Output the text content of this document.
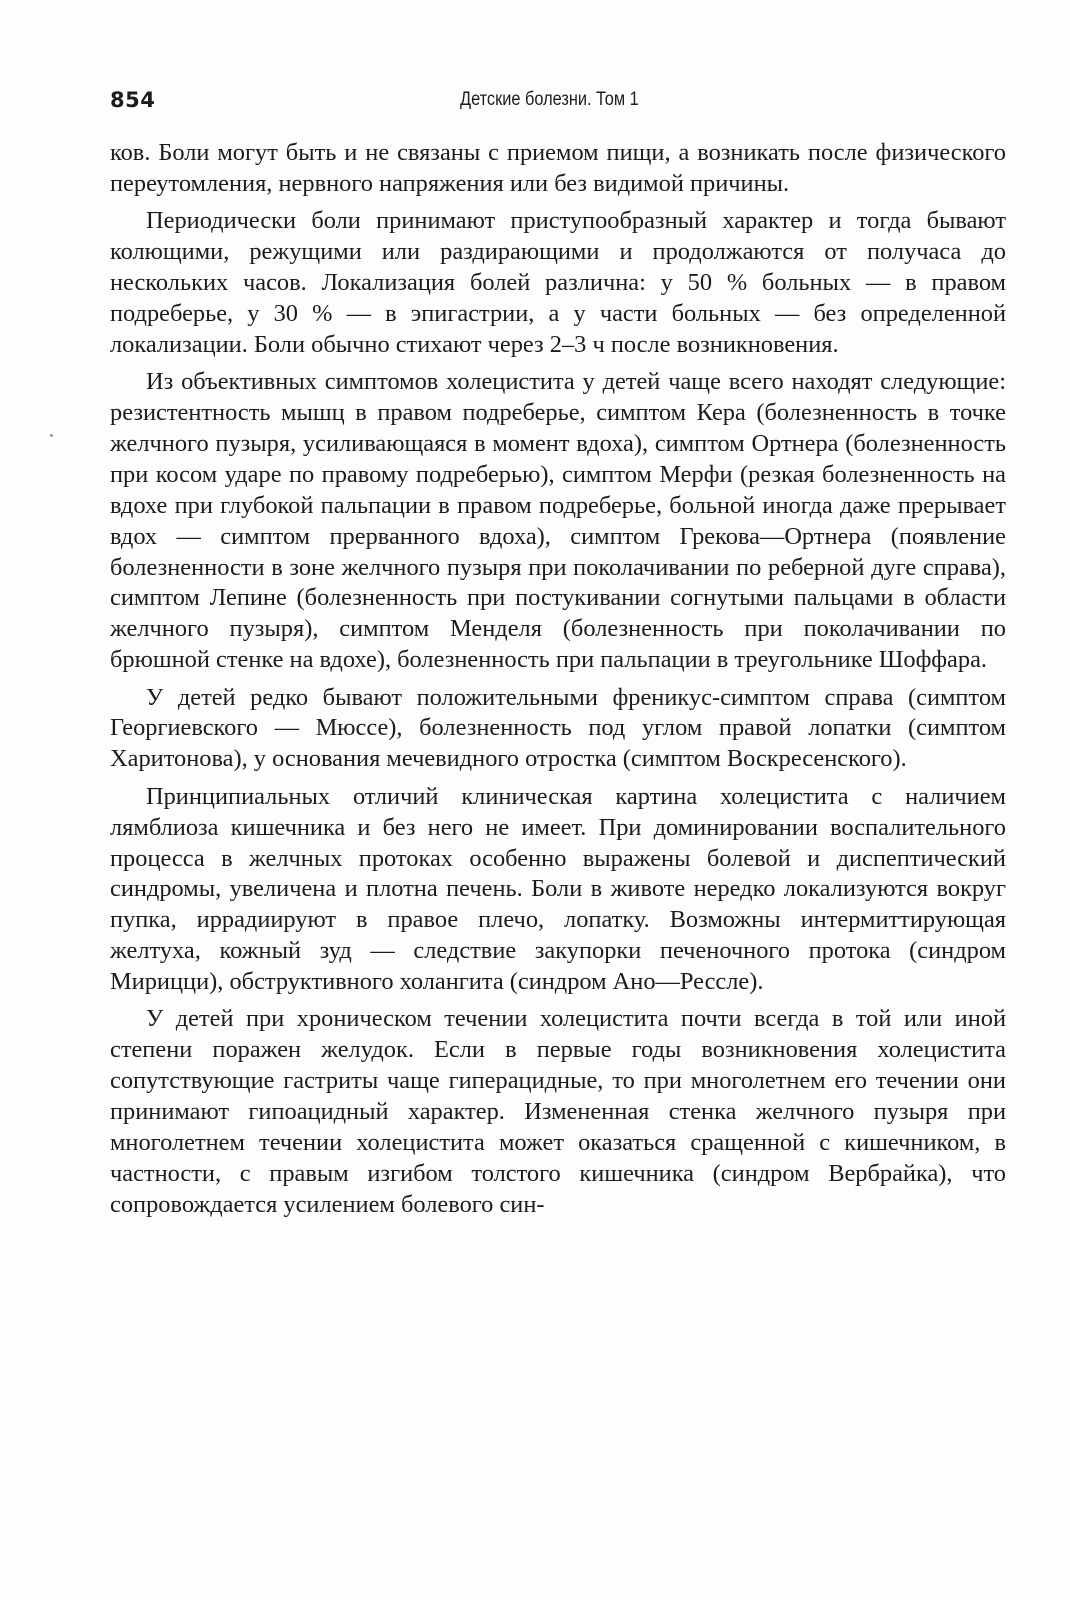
854	Детские болезни. Том 1

ков. Боли могут быть и не связаны с приемом пищи, а возникать после физического переутомления, нервного напряжения или без видимой причины.

Периодически боли принимают приступообразный характер и тогда бывают колющими, режущими или раздирающими и продолжаются от получаса до нескольких часов. Локализация болей различна: у 50 % больных — в правом подреберье, у 30 % — в эпигастрии, а у части больных — без определенной локализации. Боли обычно стихают через 2–3 ч после возникновения.

Из объективных симптомов холецистита у детей чаще всего находят следующие: резистентность мышц в правом подреберье, симптом Кера (болезненность в точке желчного пузыря, усиливающаяся в момент вдоха), симптом Ортнера (болезненность при косом ударе по правому подреберью), симптом Мерфи (резкая болезненность на вдохе при глубокой пальпации в правом подреберье, больной иногда даже прерывает вдох — симптом прерванного вдоха), симптом Грекова—Ортнера (появление болезненности в зоне желчного пузыря при поколачивании по реберной дуге справа), симптом Лепине (болезненность при постукивании согнутыми пальцами в области желчного пузыря), симптом Менделя (болезненность при поколачивании по брюшной стенке на вдохе), болезненность при пальпации в треугольнике Шоффара.

У детей редко бывают положительными френикус-симптом справа (симптом Георгиевского — Мюссе), болезненность под углом правой лопатки (симптом Харитонова), у основания мечевидного отростка (симптом Воскресенского).

Принципиальных отличий клиническая картина холецистита с наличием лямблиоза кишечника и без него не имеет. При доминировании воспалительного процесса в желчных протоках особенно выражены болевой и диспептический синдромы, увеличена и плотна печень. Боли в животе нередко локализуются вокруг пупка, иррадиируют в правое плечо, лопатку. Возможны интермиттирующая желтуха, кожный зуд — следствие закупорки печеночного протока (синдром Мирицци), обструктивного холангита (синдром Ано—Рессле).

У детей при хроническом течении холецистита почти всегда в той или иной степени поражен желудок. Если в первые годы возникновения холецистита сопутствующие гастриты чаще гиперацидные, то при многолетнем его течении они принимают гипоацидный характер. Измененная стенка желчного пузыря при многолетнем течении холецистита может оказаться сращенной с кишечником, в частности, с правым изгибом толстого кишечника (синдром Вербрайка), что сопровождается усилением болевого син-
